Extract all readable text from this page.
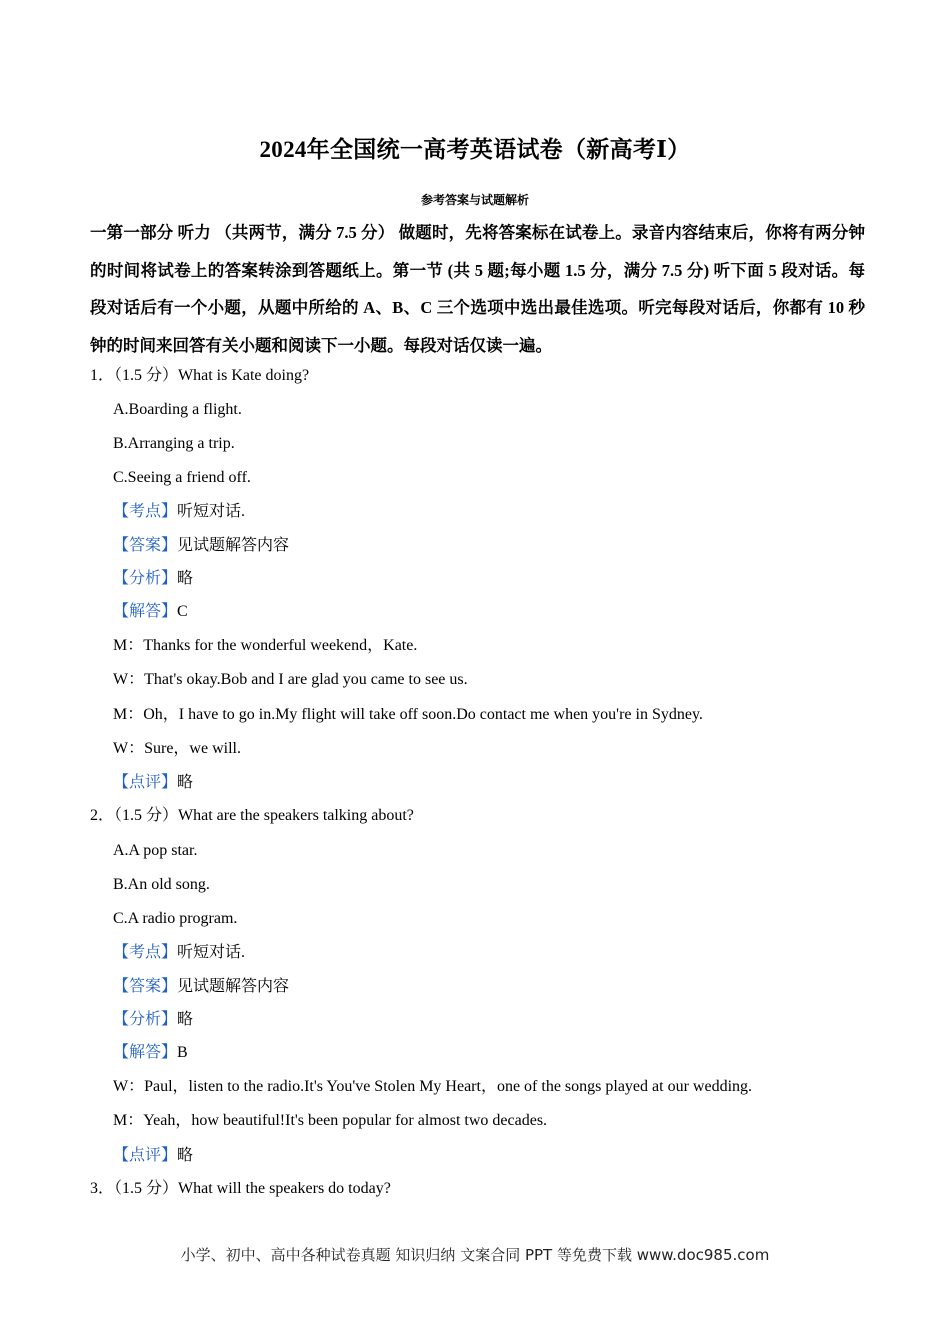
2024年全国统一高考英语试卷（新高考Ⅰ）
参考答案与试题解析
一第一部分 听力 （共两节，满分 7.5 分） 做题时，先将答案标在试卷上。录音内容结束后，你将有两分钟的时间将试卷上的答案转涂到答题纸上。第一节 (共 5 题;每小题 1.5 分，满分 7.5 分) 听下面 5 段对话。每段对话后有一个小题，从题中所给的 A、B、C 三个选项中选出最佳选项。听完每段对话后，你都有 10 秒钟的时间来回答有关小题和阅读下一小题。每段对话仅读一遍。
1．（1.5 分）What is Kate doing?
A.Boarding a flight.
B.Arranging a trip.
C.Seeing a friend off.
【考点】听短对话.
【答案】见试题解答内容
【分析】略
【解答】C
M：Thanks for the wonderful weekend，Kate.
W：That's okay.Bob and I are glad you came to see us.
M：Oh，I have to go in.My flight will take off soon.Do contact me when you're in Sydney.
W：Sure，we will.
【点评】略
2．（1.5 分）What are the speakers talking about?
A.A pop star.
B.An old song.
C.A radio program.
【考点】听短对话.
【答案】见试题解答内容
【分析】略
【解答】B
W：Paul，listen to the radio.It's You've Stolen My Heart，one of the songs played at our wedding.
M：Yeah，how beautiful!It's been popular for almost two decades.
【点评】略
3．（1.5 分）What will the speakers do today?
小学、初中、高中各种试卷真题 知识归纳 文案合同 PPT 等免费下载 www.doc985.com
